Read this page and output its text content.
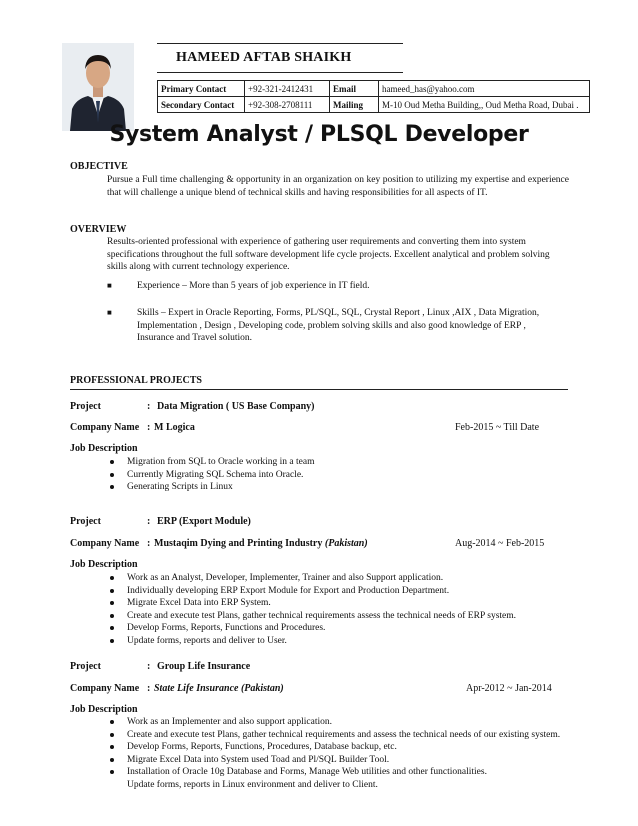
HAMEED AFTAB SHAIKH
Primary Contact	+92-321-2412431	Email	hameed_has@yahoo.com
Secondary Contact	+92-308-2708111	Mailing	M-10 Oud Metha Building,, Oud Metha Road, Dubai .
System Analyst / PLSQL Developer
OBJECTIVE
Pursue a Full time challenging & opportunity in an organization on key position to utilizing my expertise and experience that will challenge a unique blend of technical skills and having responsibilities for all aspects of IT.
OVERVIEW
Results-oriented professional with experience of gathering user requirements and converting them into system specifications throughout the full software development life cycle projects. Excellent analytical and problem solving skills along with current technology experience.
■	Experience – More than 5 years of job experience in IT field.
■	Skills – Expert in Oracle Reporting, Forms, PL/SQL, SQL, Crystal Report , Linux ,AIX , Data Migration, Implementation , Design , Developing code, problem solving skills and also good knowledge of ERP , Insurance and Travel solution.
PROFESSIONAL PROJECTS
Project	: Data Migration ( US Base Company)
Company Name : M Logica	Feb-2015 ~ Till Date
Job Description
Migration from SQL to Oracle working in a team
Currently Migrating SQL Schema into Oracle.
Generating Scripts in Linux
Project	: ERP (Export Module)
Company Name : Mustaqim Dying and Printing Industry (Pakistan)	Aug-2014 ~ Feb-2015
Job Description
Work as an Analyst, Developer, Implementer, Trainer and also Support application.
Individually developing ERP Export Module for Export and Production Department.
Migrate Excel Data into ERP System.
Create and execute test Plans, gather technical requirements assess the technical needs of ERP system.
Develop Forms, Reports, Functions and Procedures.
Update forms, reports and deliver to User.
Project	: Group Life Insurance
Company Name : State Life Insurance (Pakistan)	Apr-2012 ~ Jan-2014
Job Description
Work as an Implementer and also support application.
Create and execute test Plans, gather technical requirements and assess the technical needs of our existing system.
Develop Forms, Reports, Functions, Procedures, Database backup, etc.
Migrate Excel Data into System used Toad and Pl/SQL Builder Tool.
Installation of Oracle 10g Database and Forms, Manage Web utilities and other functionalities.
Update forms, reports in Linux environment and deliver to Client.
